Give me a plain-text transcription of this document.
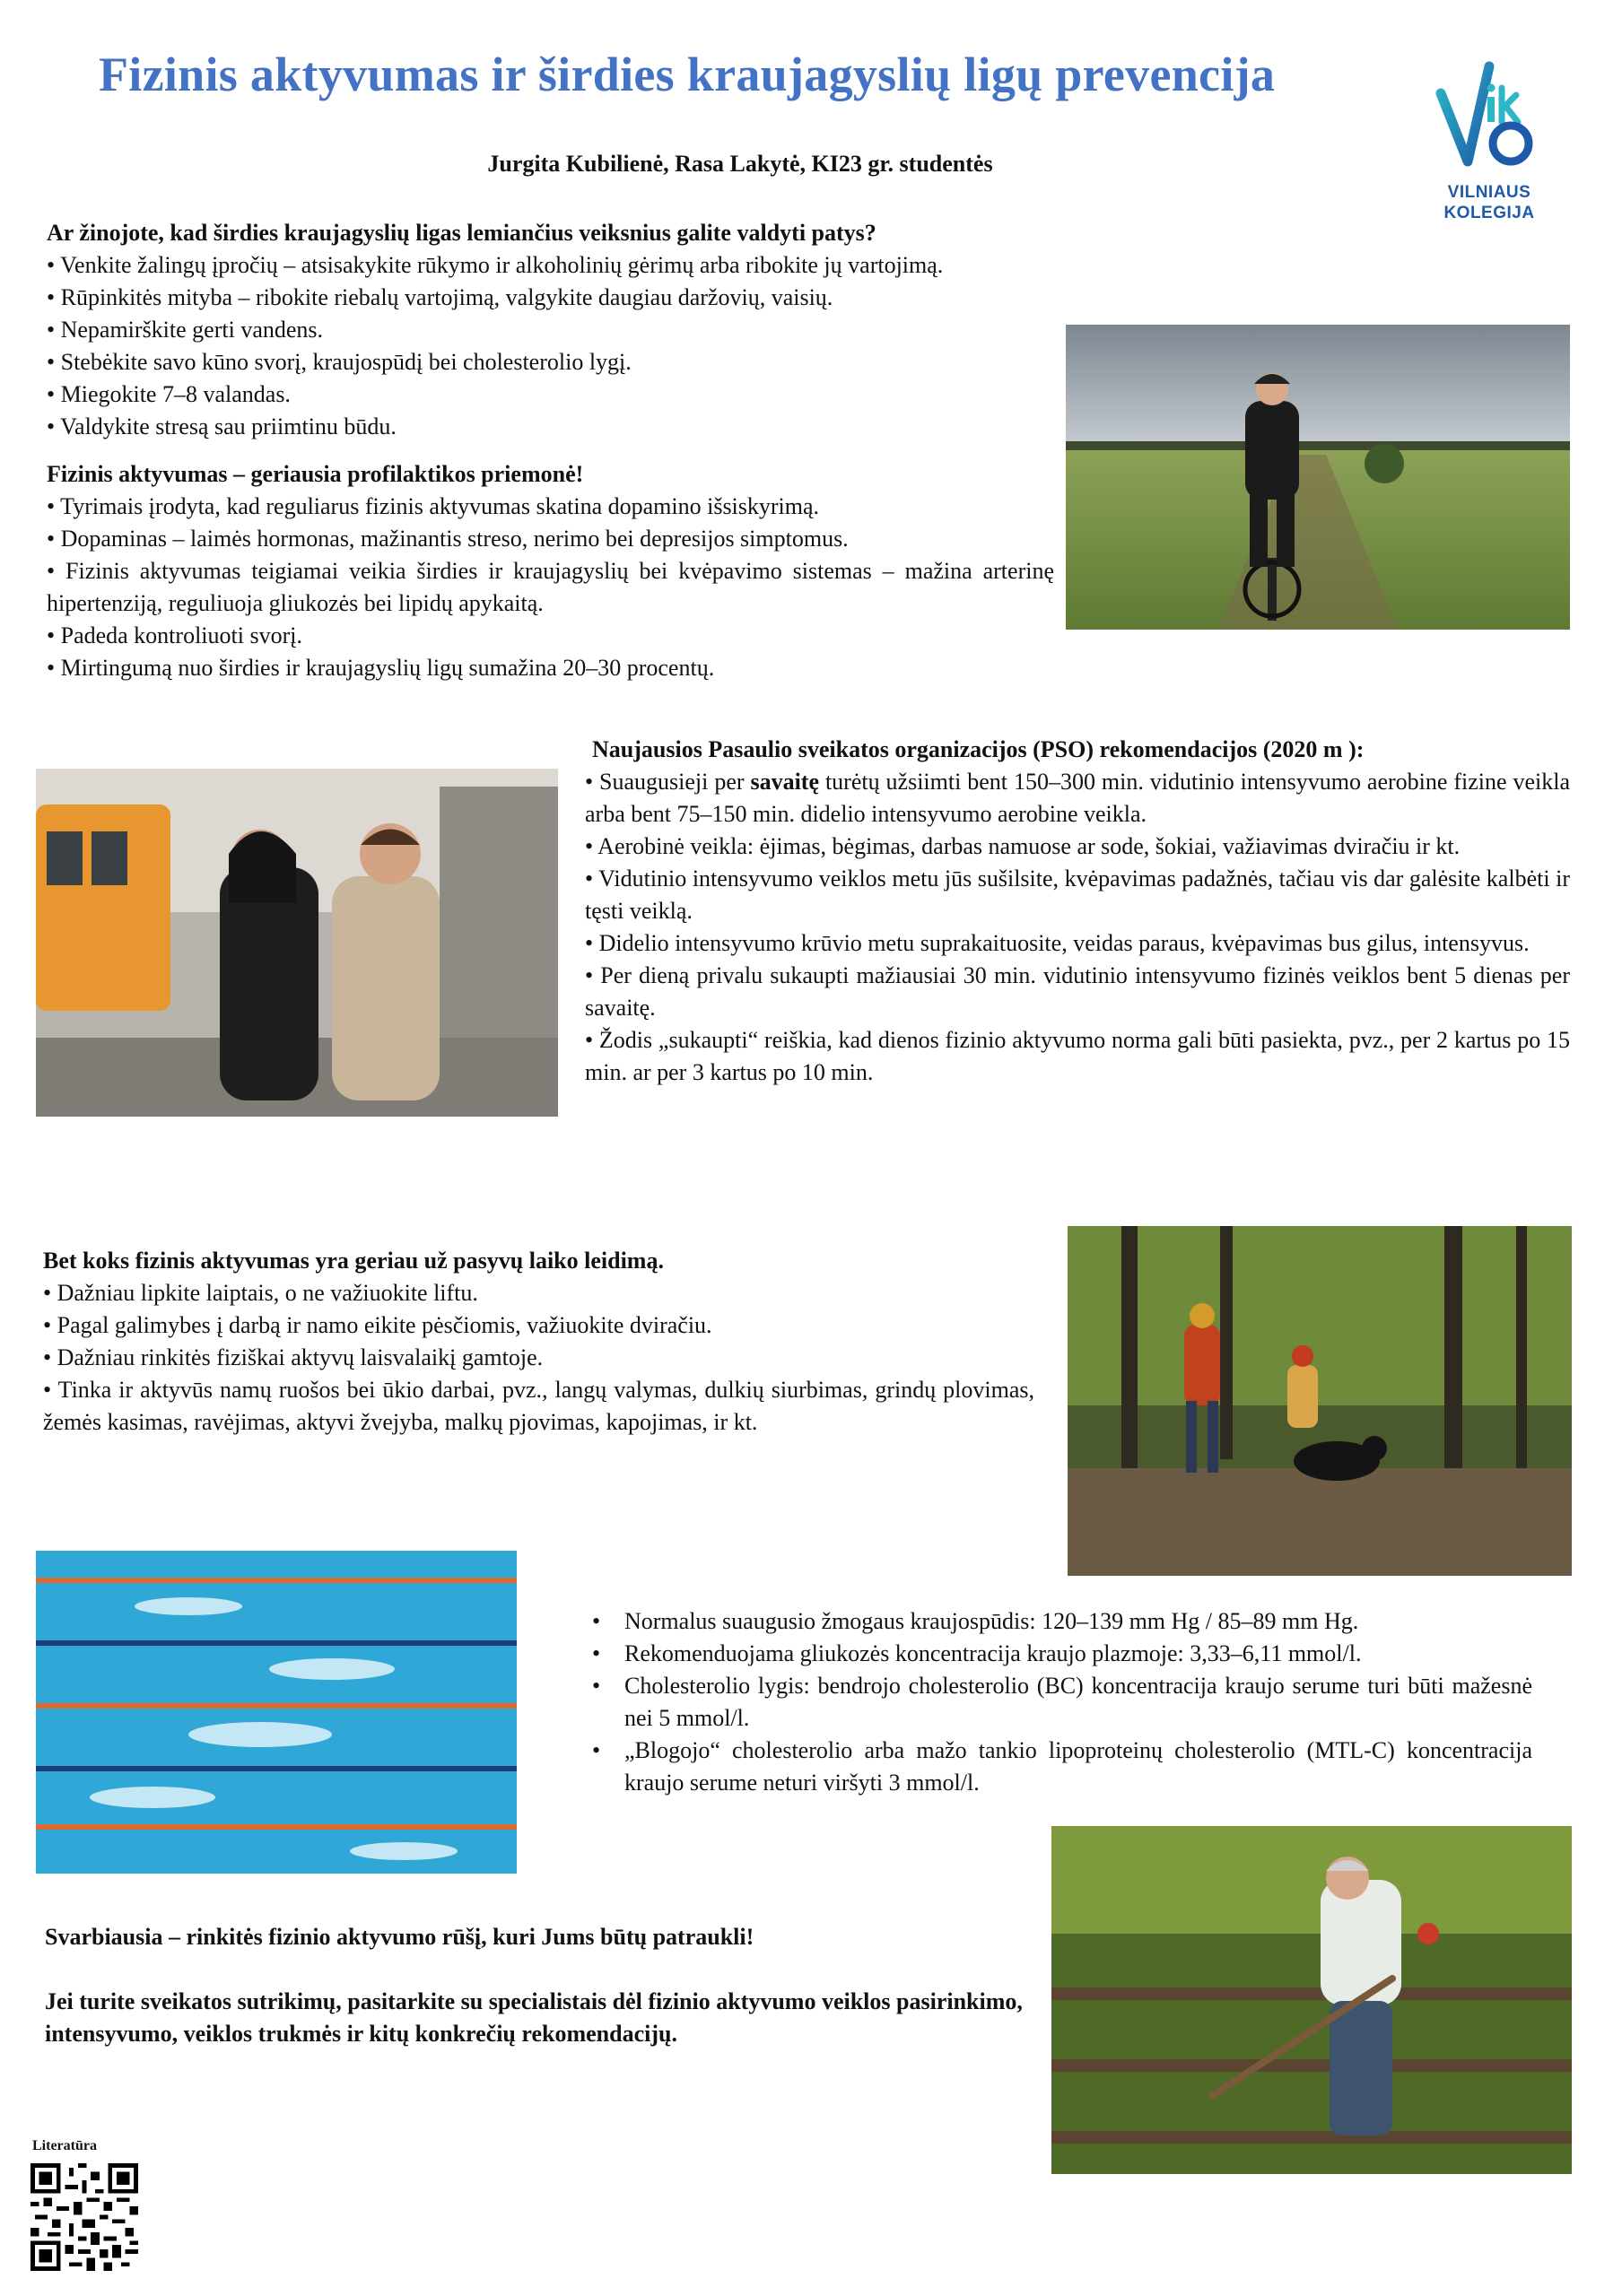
Fizinis aktyvumas ir širdies kraujagyslių ligų prevencija
Jurgita Kubilienė, Rasa Lakytė, KI23 gr. studentės
VILNIAUS
KOLEGIJA

Ar žinojote, kad širdies kraujagyslių ligas lemiančius veiksnius galite valdyti patys?

• Venkite žalingų įpročių – atsisakykite rūkymo ir alkoholinių gėrimų arba ribokite jų vartojimą.

• Rūpinkitės mityba – ribokite riebalų vartojimą, valgykite daugiau daržovių, vaisių.

• Nepamirškite gerti vandens.

• Stebėkite savo kūno svorį, kraujospūdį bei cholesterolio lygį.

• Miegokite 7–8 valandas.

• Valdykite stresą sau priimtinu būdu.

Fizinis aktyvumas – geriausia profilaktikos priemonė!

• Tyrimais įrodyta, kad reguliarus fizinis aktyvumas skatina dopamino išsiskyrimą.

• Dopaminas – laimės hormonas, mažinantis streso, nerimo bei depresijos simptomus.

• Fizinis aktyvumas teigiamai veikia širdies ir kraujagyslių bei kvėpavimo sistemas – mažina arterinę hipertenziją, reguliuoja gliukozės bei lipidų apykaitą.

• Padeda kontroliuoti svorį.

• Mirtingumą nuo širdies ir kraujagyslių ligų sumažina 20–30 procentų.

Naujausios Pasaulio sveikatos organizacijos (PSO) rekomendacijos (2020 m ):

• Suaugusieji per savaitę turėtų užsiimti bent 150–300 min. vidutinio intensyvumo aerobine fizine veikla arba bent 75–150 min. didelio intensyvumo aerobine veikla.

• Aerobinė veikla: ėjimas, bėgimas, darbas namuose ar sode, šokiai, važiavimas dviračiu ir kt.

• Vidutinio intensyvumo veiklos metu jūs sušilsite, kvėpavimas padažnės, tačiau vis dar galėsite kalbėti ir tęsti veiklą.

• Didelio intensyvumo krūvio metu suprakaituosite, veidas paraus, kvėpavimas bus gilus, intensyvus.

• Per dieną privalu sukaupti mažiausiai 30 min. vidutinio intensyvumo fizinės veiklos bent 5 dienas per savaitę.

• Žodis „sukaupti“ reiškia, kad dienos fizinio aktyvumo norma gali būti pasiekta, pvz., per 2 kartus po 15 min. ar per 3 kartus po 10 min.

Bet koks fizinis aktyvumas yra geriau už pasyvų laiko leidimą.

• Dažniau lipkite laiptais, o ne važiuokite liftu.

• Pagal galimybes į darbą ir namo eikite pėsčiomis, važiuokite dviračiu.

• Dažniau rinkitės fiziškai aktyvų laisvalaikį gamtoje.

• Tinka ir aktyvūs namų ruošos bei ūkio darbai, pvz., langų valymas, dulkių siurbimas, grindų plovimas, žemės kasimas, ravėjimas, aktyvi žvejyba, malkų pjovimas, kapojimas, ir kt.

• Normalus suaugusio žmogaus kraujospūdis: 120–139 mm Hg / 85–89 mm Hg.
• Rekomenduojama gliukozės koncentracija kraujo plazmoje: 3,33–6,11 mmol/l.
• Cholesterolio lygis: bendrojo cholesterolio (BC) koncentracija kraujo serume turi būti mažesnė nei 5 mmol/l.
• „Blogojo“ cholesterolio arba mažo tankio lipoproteinų cholesterolio (MTL-C) koncentracija kraujo serume neturi viršyti 3 mmol/l.
Svarbiausia – rinkitės fizinio aktyvumo rūšį, kuri Jums būtų patraukli!
Jei turite sveikatos sutrikimų, pasitarkite su specialistais dėl fizinio aktyvumo veiklos pasirinkimo, intensyvumo, veiklos trukmės ir kitų konkrečių rekomendacijų.
Literatūra
